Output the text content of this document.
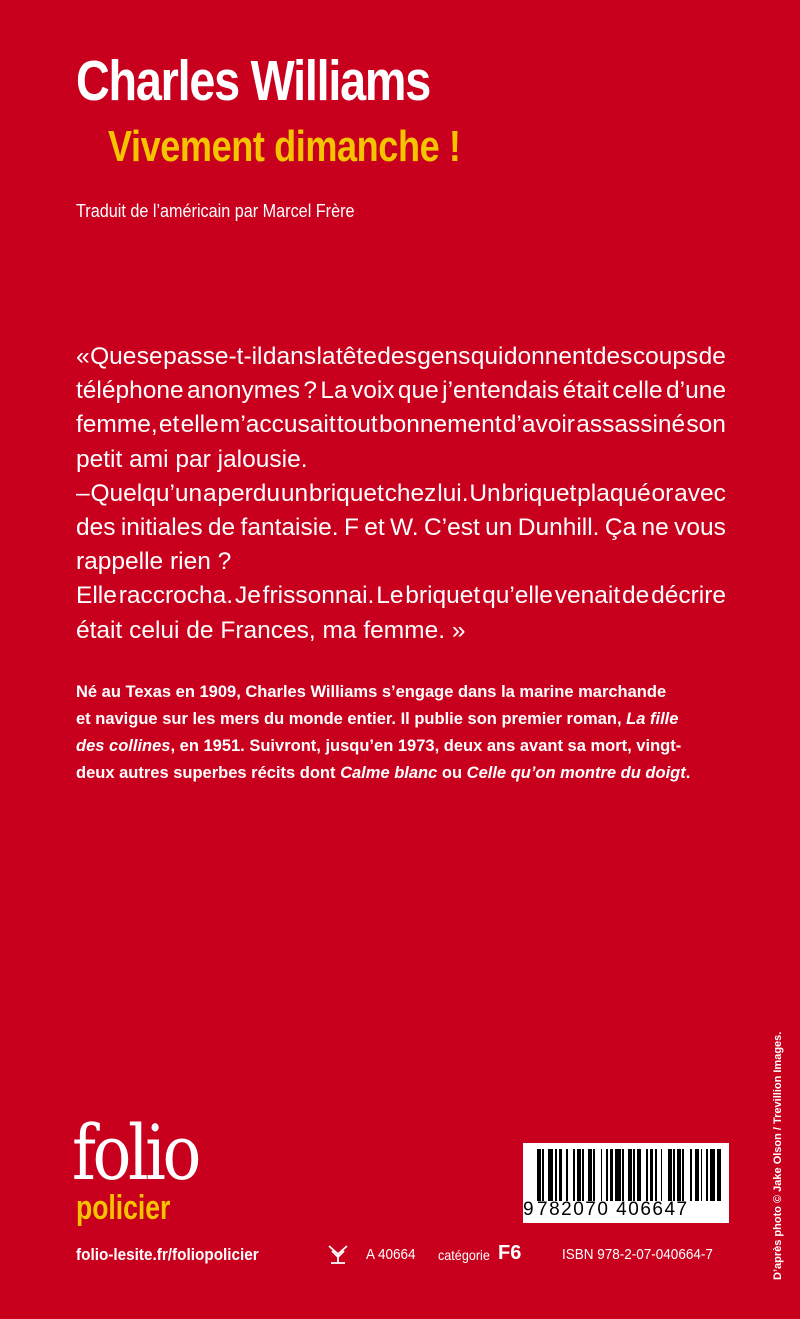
Charles Williams
Vivement dimanche !
Traduit de l’américain par Marcel Frère
« Que se passe-t-il dans la tête des gens qui donnent des coups de
téléphone anonymes ? La voix que j’entendais était celle d’une
femme, et elle m’accusait tout bonnement d’avoir assassiné son
petit ami par jalousie.
– Quelqu’un a perdu un briquet chez lui. Un briquet plaqué or avec
des initiales de fantaisie. F et W. C’est un Dunhill. Ça ne vous
rappelle rien ?
Elle raccrocha. Je frissonnai. Le briquet qu’elle venait de décrire
était celui de Frances, ma femme. »
Né au Texas en 1909, Charles Williams s’engage dans la marine marchande
et navigue sur les mers du monde entier. Il publie son premier roman, La fille
des collines, en 1951. Suivront, jusqu’en 1973, deux ans avant sa mort, vingt-
deux autres superbes récits dont Calme blanc ou Celle qu’on montre du doigt.
folio
policier
folio-lesite.fr/foliopolicier	A 40664 catégorie F6	ISBN 978-2-07-040664-7
9 782070 406647	D’après photo © Jake Olson / Trevillion Images.
